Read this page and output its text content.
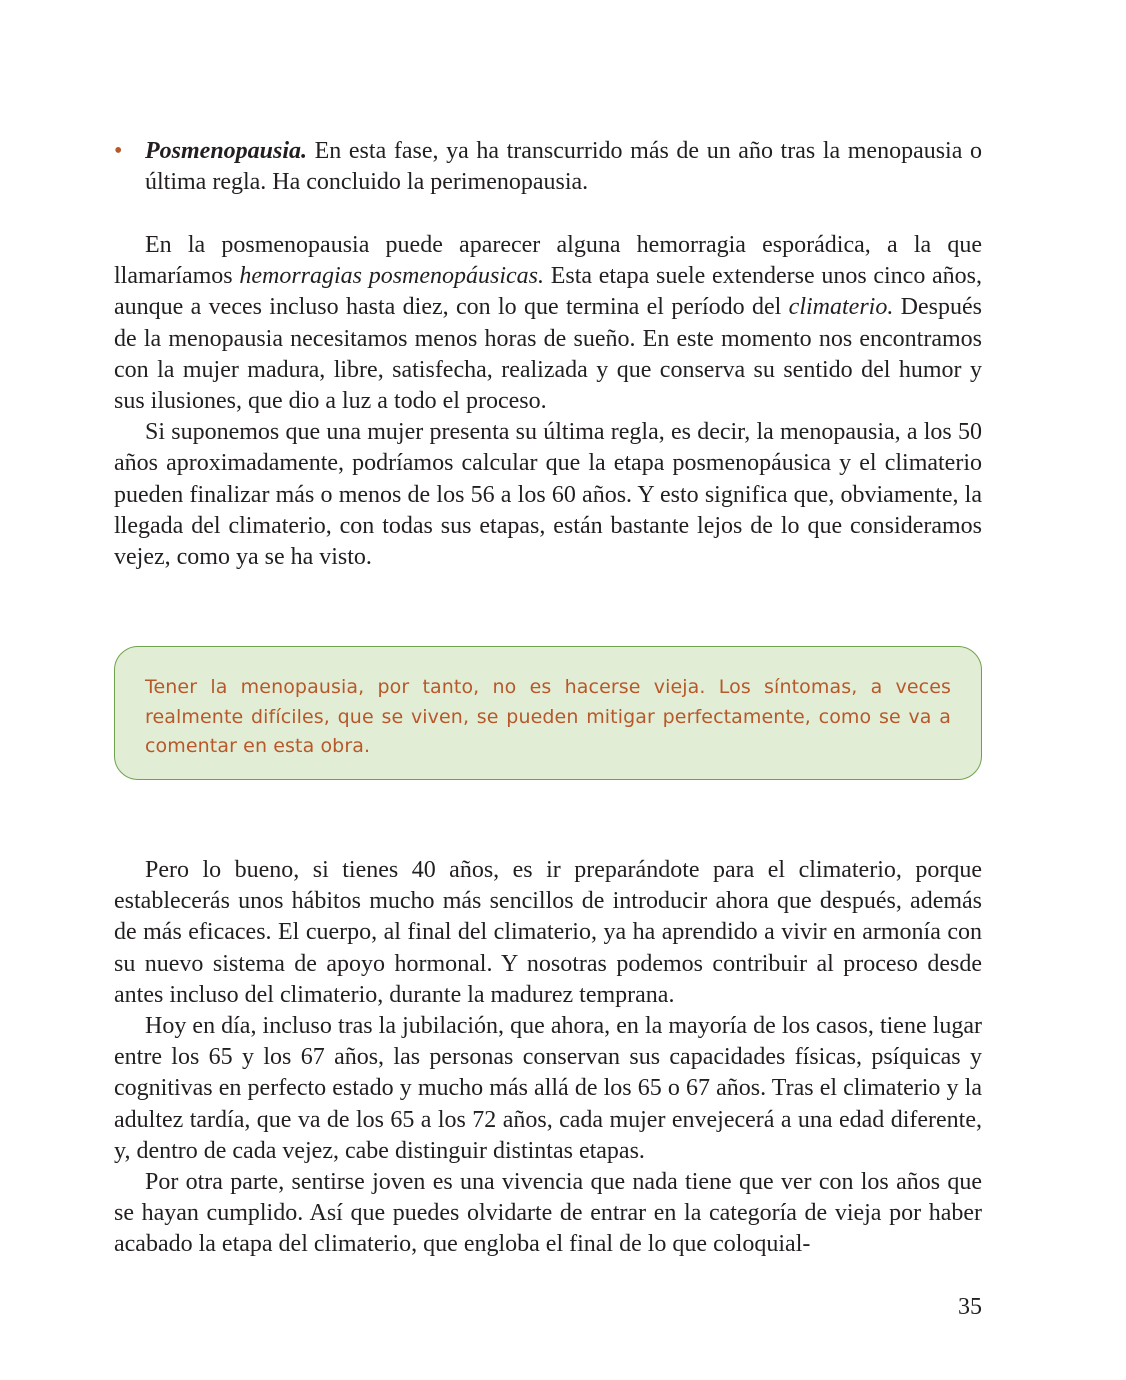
• Posmenopausia. En esta fase, ya ha transcurrido más de un año tras la menopausia o última regla. Ha concluido la perimenopausia.

En la posmenopausia puede aparecer alguna hemorragia esporádica, a la que llamaríamos hemorragias posmenopáusicas. Esta etapa suele extenderse unos cinco años, aunque a veces incluso hasta diez, con lo que termina el período del climaterio. Después de la menopausia necesitamos menos horas de sueño. En este momento nos encontramos con la mujer madura, libre, satisfecha, realizada y que conserva su sentido del humor y sus ilusiones, que dio a luz a todo el proceso.

Si suponemos que una mujer presenta su última regla, es decir, la menopausia, a los 50 años aproximadamente, podríamos calcular que la etapa posmenopáusica y el climaterio pueden finalizar más o menos de los 56 a los 60 años. Y esto significa que, obviamente, la llegada del climaterio, con todas sus etapas, están bastante lejos de lo que consideramos vejez, como ya se ha visto.

Tener la menopausia, por tanto, no es hacerse vieja. Los síntomas, a veces realmente difíciles, que se viven, se pueden mitigar perfectamente, como se va a comentar en esta obra.

Pero lo bueno, si tienes 40 años, es ir preparándote para el climaterio, porque establecerás unos hábitos mucho más sencillos de introducir ahora que después, además de más eficaces. El cuerpo, al final del climaterio, ya ha aprendido a vivir en armonía con su nuevo sistema de apoyo hormonal. Y nosotras podemos contribuir al proceso desde antes incluso del climaterio, durante la madurez temprana.

Hoy en día, incluso tras la jubilación, que ahora, en la mayoría de los casos, tiene lugar entre los 65 y los 67 años, las personas conservan sus capacidades físicas, psíquicas y cognitivas en perfecto estado y mucho más allá de los 65 o 67 años. Tras el climaterio y la adultez tardía, que va de los 65 a los 72 años, cada mujer envejecerá a una edad diferente, y, dentro de cada vejez, cabe distinguir distintas etapas.

Por otra parte, sentirse joven es una vivencia que nada tiene que ver con los años que se hayan cumplido. Así que puedes olvidarte de entrar en la categoría de vieja por haber acabado la etapa del climaterio, que engloba el final de lo que coloquial-

35
